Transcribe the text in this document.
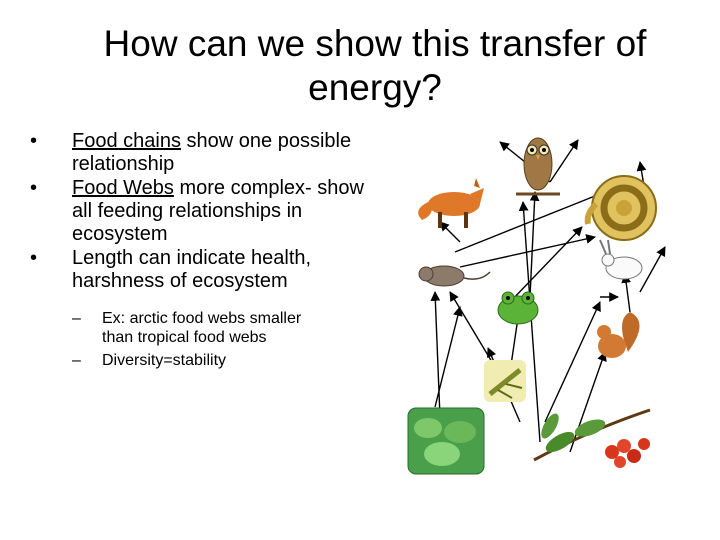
How can we show this transfer of
energy?
•	Food chains show one possible relationship
•	Food Webs more complex- show all feeding relationships in ecosystem
•	Length can indicate health, harshness of ecosystem
–	Ex: arctic food webs smaller than tropical food webs
–	Diversity=stability
